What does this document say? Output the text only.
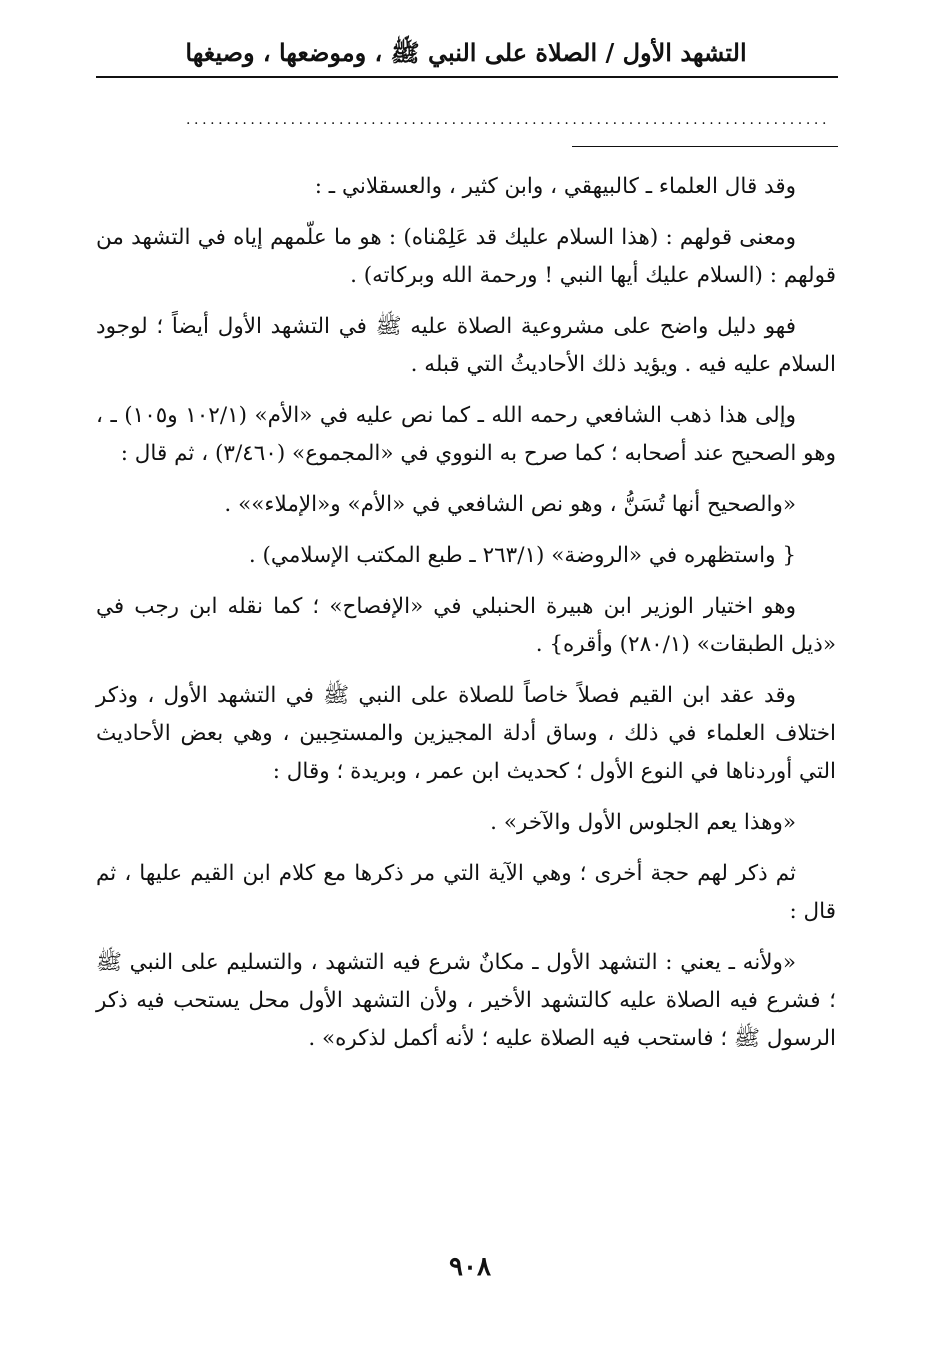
التشهد الأول / الصلاة على النبي ﷺ ، وموضعها ، وصيغها
................................................................................

وقد قال العلماء ـ كالبيهقي ، وابن كثير ، والعسقلاني ـ :

ومعنى قولهم : (هذا السلام عليك قد عَلِمْناه) : هو ما علّمهم إياه في التشهد من قولهم : (السلام عليك أيها النبي ! ورحمة الله وبركاته) .

فهو دليل واضح على مشروعية الصلاة عليه ﷺ في التشهد الأول أيضاً ؛ لوجود السلام عليه فيه . ويؤيد ذلك الأحاديثُ التي قبله .

وإلى هذا ذهب الشافعي رحمه الله ـ كما نص عليه في «الأم» (١٠٢/١ و١٠٥) ـ ، وهو الصحيح عند أصحابه ؛ كما صرح به النووي في «المجموع» (٣/٤٦٠) ، ثم قال :

«والصحيح أنها تُسَنُّ ، وهو نص الشافعي في «الأم» و«الإملاء»» .

{ واستظهره في «الروضة» (٢٦٣/١ ـ طبع المكتب الإسلامي) .

وهو اختيار الوزير ابن هبيرة الحنبلي في «الإفصاح» ؛ كما نقله ابن رجب في «ذيل الطبقات» (٢٨٠/١) وأقره} .

وقد عقد ابن القيم فصلاً خاصاً للصلاة على النبي ﷺ في التشهد الأول ، وذكر اختلاف العلماء في ذلك ، وساق أدلة المجيزين والمستحِبين ، وهي بعض الأحاديث التي أوردناها في النوع الأول ؛ كحديث ابن عمر ، وبريدة ؛ وقال :

«وهذا يعم الجلوس الأول والآخر» .

ثم ذكر لهم حجة أخرى ؛ وهي الآية التي مر ذكرها مع كلام ابن القيم عليها ، ثم قال :

«ولأنه ـ يعني : التشهد الأول ـ مكانٌ شرع فيه التشهد ، والتسليم على النبي ﷺ ؛ فشرع فيه الصلاة عليه كالتشهد الأخير ، ولأن التشهد الأول محل يستحب فيه ذكر الرسول ﷺ ؛ فاستحب فيه الصلاة عليه ؛ لأنه أكمل لذكره» .

٩٠٨
